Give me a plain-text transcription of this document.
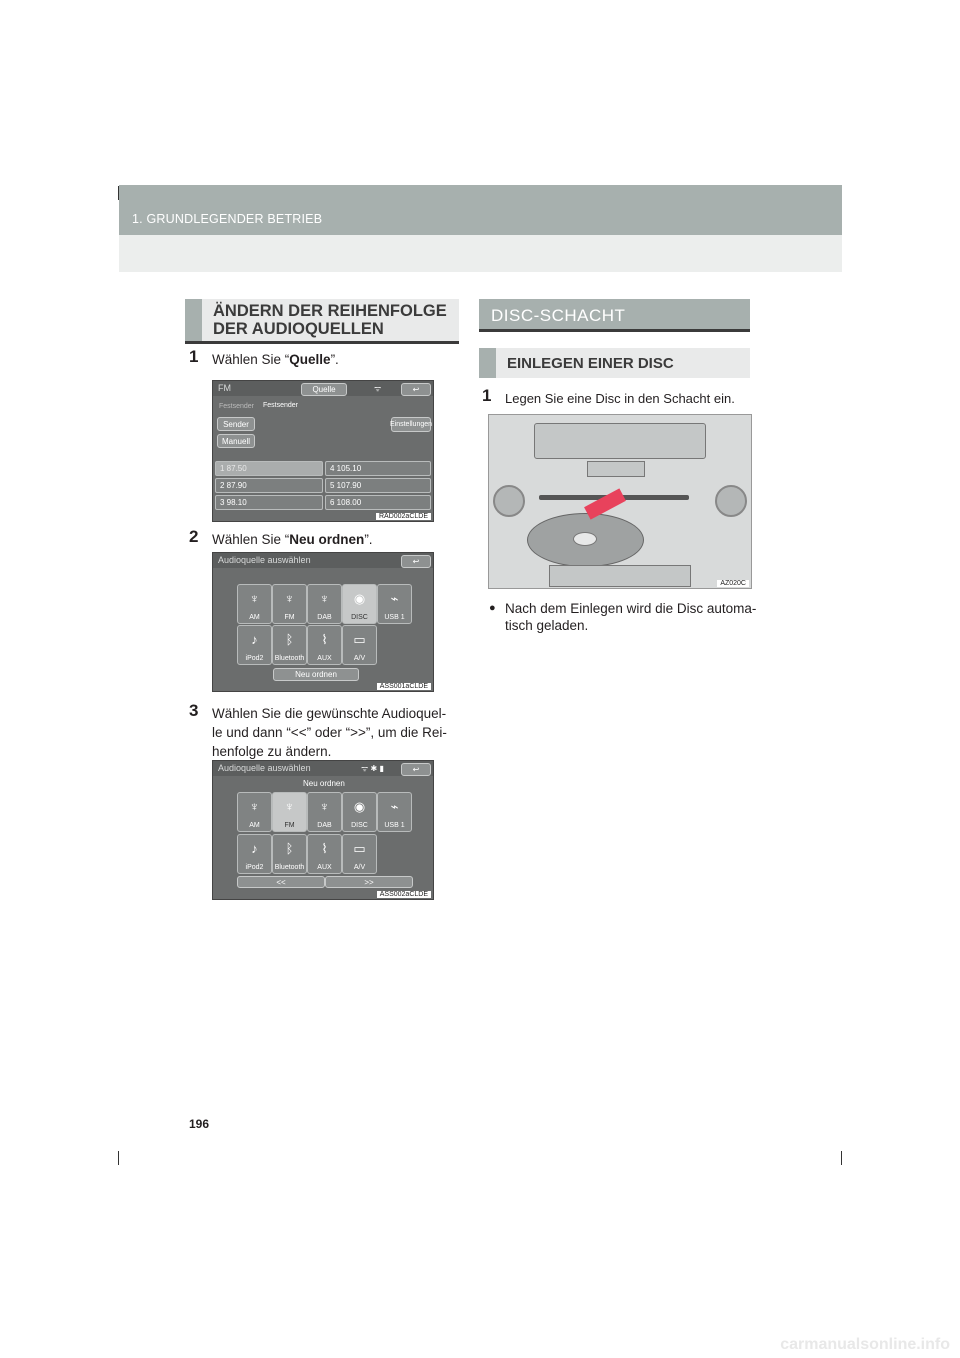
1. GRUNDLEGENDER BETRIEB
ÄNDERN DER REIHENFOLGE
DER AUDIOQUELLEN
1 Wählen Sie “Quelle”.
FM	Quelle	ᯤ	↩
Festsender Festsender
Sender
Manuell
Einstellungen
1 87.50
2 87.90
3 98.10
4 105.10
5 107.90
6 108.00
RAD002aCLDE
2 Wählen Sie “Neu ordnen”.
Audioquelle auswählen	↩
♆
AM
♆
FM
♆
DAB
◉
DISC
⌁
USB 1
♪
iPod2
ᛒ
Bluetooth
⌇
AUX
▭
A/V
Neu ordnen
ASS001aCLDE
3 Wählen Sie die gewünschte Audioquel-
le und dann “<<” oder “>>”, um die Rei-
henfolge zu ändern.
Audioquelle auswählen	ᯤ ✱ ▮	↩
Neu ordnen
♆
AM
♆
FM
♆
DAB
◉
DISC
⌁
USB 1
♪
iPod2
ᛒ
Bluetooth
⌇
AUX
▭
A/V
<<	>>
ASS002aCLDE
DISC-SCHACHT
EINLEGEN EINER DISC
1 Legen Sie eine Disc in den Schacht ein.
AZ020C
● Nach dem Einlegen wird die Disc automa-
tisch geladen.
196
carmanualsonline.info
